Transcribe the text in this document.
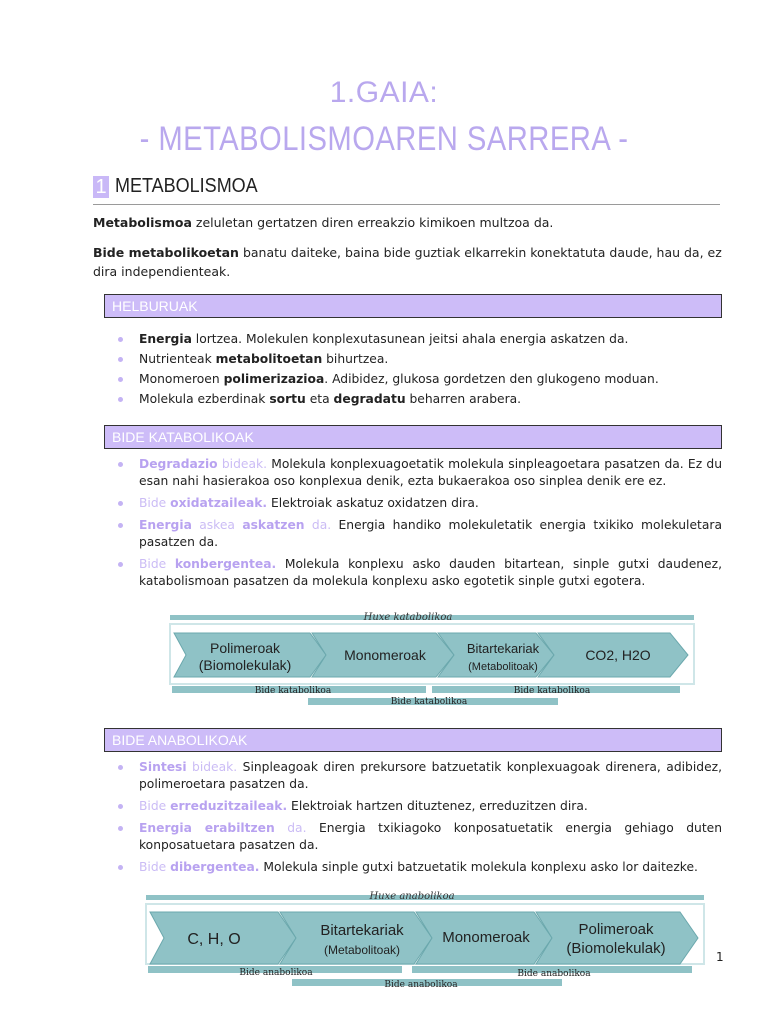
1.GAIA:
- METABOLISMOAREN SARRERA -
1 METABOLISMOA

Metabolismoa zeluletan gertatzen diren erreakzio kimikoen multzoa da.

Bide metabolikoetan banatu daiteke, baina bide guztiak elkarrekin konektatuta daude, hau da, ez dira independienteak.

HELBURUAK
Energia lortzea. Molekulen konplexutasunean jeitsi ahala energia askatzen da.
Nutrienteak metabolitoetan bihurtzea.
Monomeroen polimerizazioa. Adibidez, glukosa gordetzen den glukogeno moduan.
Molekula ezberdinak sortu eta degradatu beharren arabera.
BIDE KATABOLIKOAK
Degradazio bideak. Molekula konplexuagoetatik molekula sinpleagoetara pasatzen da. Ez du esan nahi hasierakoa oso konplexua denik, ezta bukaerakoa oso sinplea denik ere ez.
Bide oxidatzaileak. Elektroiak askatuz oxidatzen dira.
Energia askea askatzen da. Energia handiko molekuletatik energia txikiko molekuletara pasatzen da.
Bide konbergentea. Molekula konplexu asko dauden bitartean, sinple gutxi daudenez, katabolismoan pasatzen da molekula konplexu asko egotetik sinple gutxi egotera.
Huxe katabolikoa
Polimeroak
(Biomolekulak)
Monomeroak	Bitartekariak
(Metabolitoak)
CO2, H2O
Bide katabolikoa	Bide katabolikoa
Bide katabolikoa
BIDE ANABOLIKOAK
Sintesi bideak. Sinpleagoak diren prekursore batzuetatik konplexuagoak direnera, adibidez, polimeroetara pasatzen da.
Bide erreduzitzaileak. Elektroiak hartzen dituztenez, erreduzitzen dira.
Energia erabiltzen da. Energia txikiagoko konposatuetatik energia gehiago duten konposatuetara pasatzen da.
Bide dibergentea. Molekula sinple gutxi batzuetatik molekula konplexu asko lor daitezke.
Huxe anabolikoa
C, H, O
Bitartekariak
(Metabolitoak)
Monomeroak	Polimeroak
(Biomolekulak)
Bide anabolikoa	Bide anabolikoa
Bide anabolikoa
1
